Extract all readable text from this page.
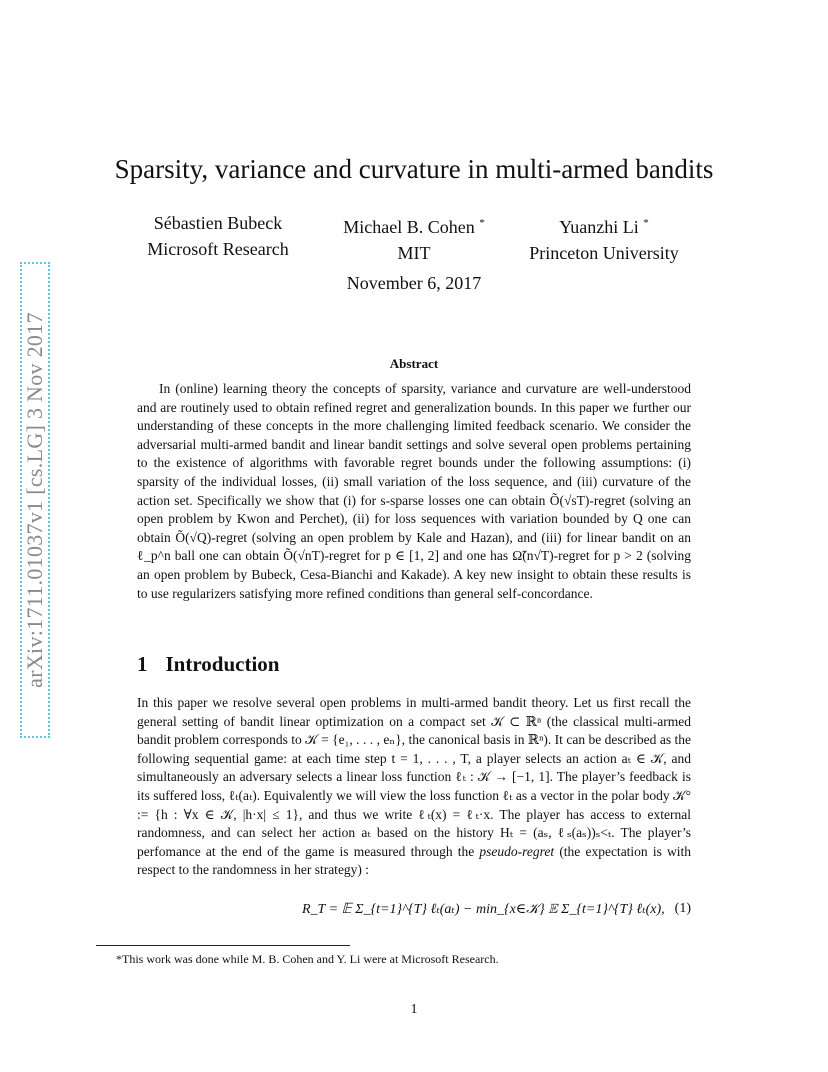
arXiv:1711.01037v1 [cs.LG] 3 Nov 2017
Sparsity, variance and curvature in multi-armed bandits
Sébastien Bubeck
Microsoft Research
Michael B. Cohen *
MIT
Yuanzhi Li *
Princeton University
November 6, 2017
Abstract

In (online) learning theory the concepts of sparsity, variance and curvature are well-understood and are routinely used to obtain refined regret and generalization bounds. In this paper we further our understanding of these concepts in the more challenging limited feedback scenario. We consider the adversarial multi-armed bandit and linear bandit settings and solve several open problems pertaining to the existence of algorithms with favorable regret bounds under the following assumptions: (i) sparsity of the individual losses, (ii) small variation of the loss sequence, and (iii) curvature of the action set. Specifically we show that (i) for s-sparse losses one can obtain Õ(√sT)-regret (solving an open problem by Kwon and Perchet), (ii) for loss sequences with variation bounded by Q one can obtain Õ(√Q)-regret (solving an open problem by Kale and Hazan), and (iii) for linear bandit on an ℓ_p^n ball one can obtain Õ(√nT)-regret for p ∈ [1, 2] and one has Ω̃(n√T)-regret for p > 2 (solving an open problem by Bubeck, Cesa-Bianchi and Kakade). A key new insight to obtain these results is to use regularizers satisfying more refined conditions than general self-concordance.

1 Introduction

In this paper we resolve several open problems in multi-armed bandit theory. Let us first recall the general setting of bandit linear optimization on a compact set 𝒦 ⊂ ℝⁿ (the classical multi-armed bandit problem corresponds to 𝒦 = {e₁, . . . , eₙ}, the canonical basis in ℝⁿ). It can be described as the following sequential game: at each time step t = 1, . . . , T, a player selects an action aₜ ∈ 𝒦, and simultaneously an adversary selects a linear loss function ℓₜ : 𝒦 → [−1, 1]. The player’s feedback is its suffered loss, ℓₜ(aₜ). Equivalently we will view the loss function ℓₜ as a vector in the polar body 𝒦° := {h : ∀x ∈ 𝒦, |h·x| ≤ 1}, and thus we write ℓₜ(x) = ℓₜ·x. The player has access to external randomness, and can select her action aₜ based on the history Hₜ = (aₛ, ℓₛ(aₛ))ₛ<ₜ. The player’s perfomance at the end of the game is measured through the pseudo-regret (the expectation is with respect to the randomness in her strategy) :

R_T = 𝔼 Σ_{t=1}^{T} ℓₜ(aₜ) − min_{x∈𝒦} 𝔼 Σ_{t=1}^{T} ℓₜ(x), (1)
*This work was done while M. B. Cohen and Y. Li were at Microsoft Research.
1
